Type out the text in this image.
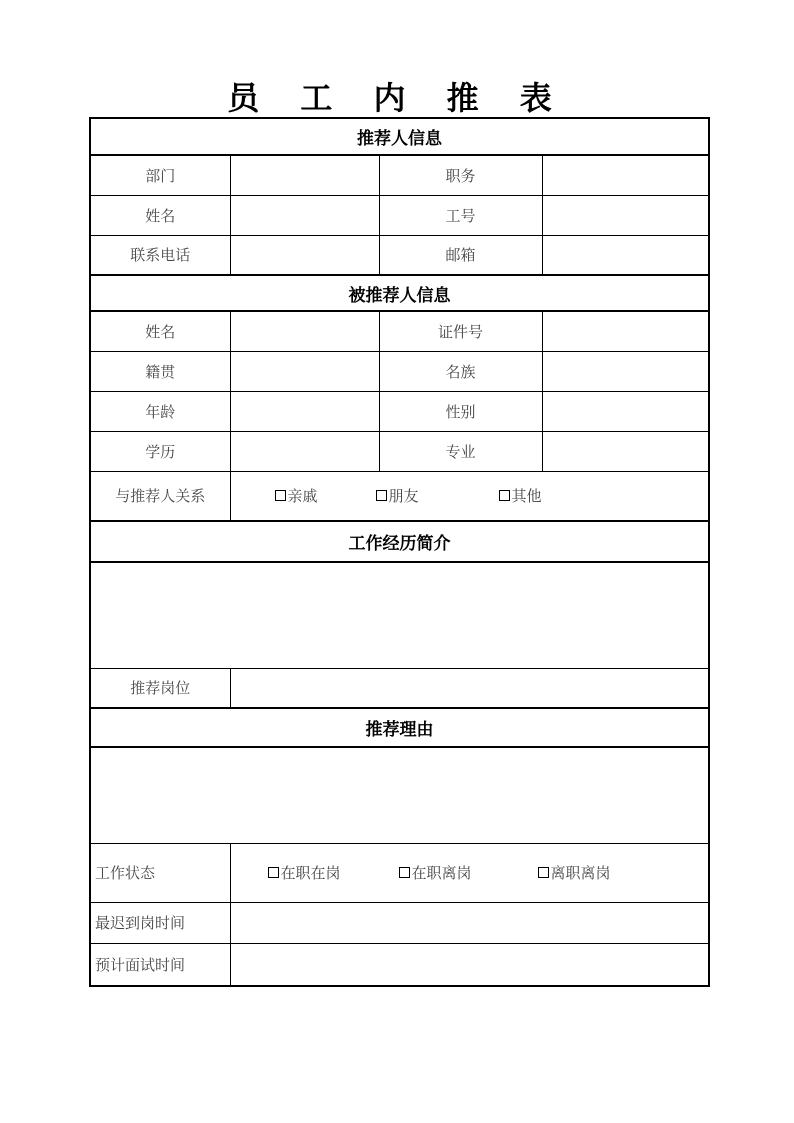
员 工 内 推 表
推荐人信息			
部门		职务	
姓名		工号	
联系电话		邮箱	
被推荐人信息			
姓名		证件号	
籍贯		名族	
年龄		性别	
学历		专业	
与推荐人关系	亲戚 朋友 其他		

工作经历简介			

推荐岗位			
推荐理由			

工作状态	在职在岗 在职离岗 离职离岗		

最迟到岗时间			
预计面试时间			
